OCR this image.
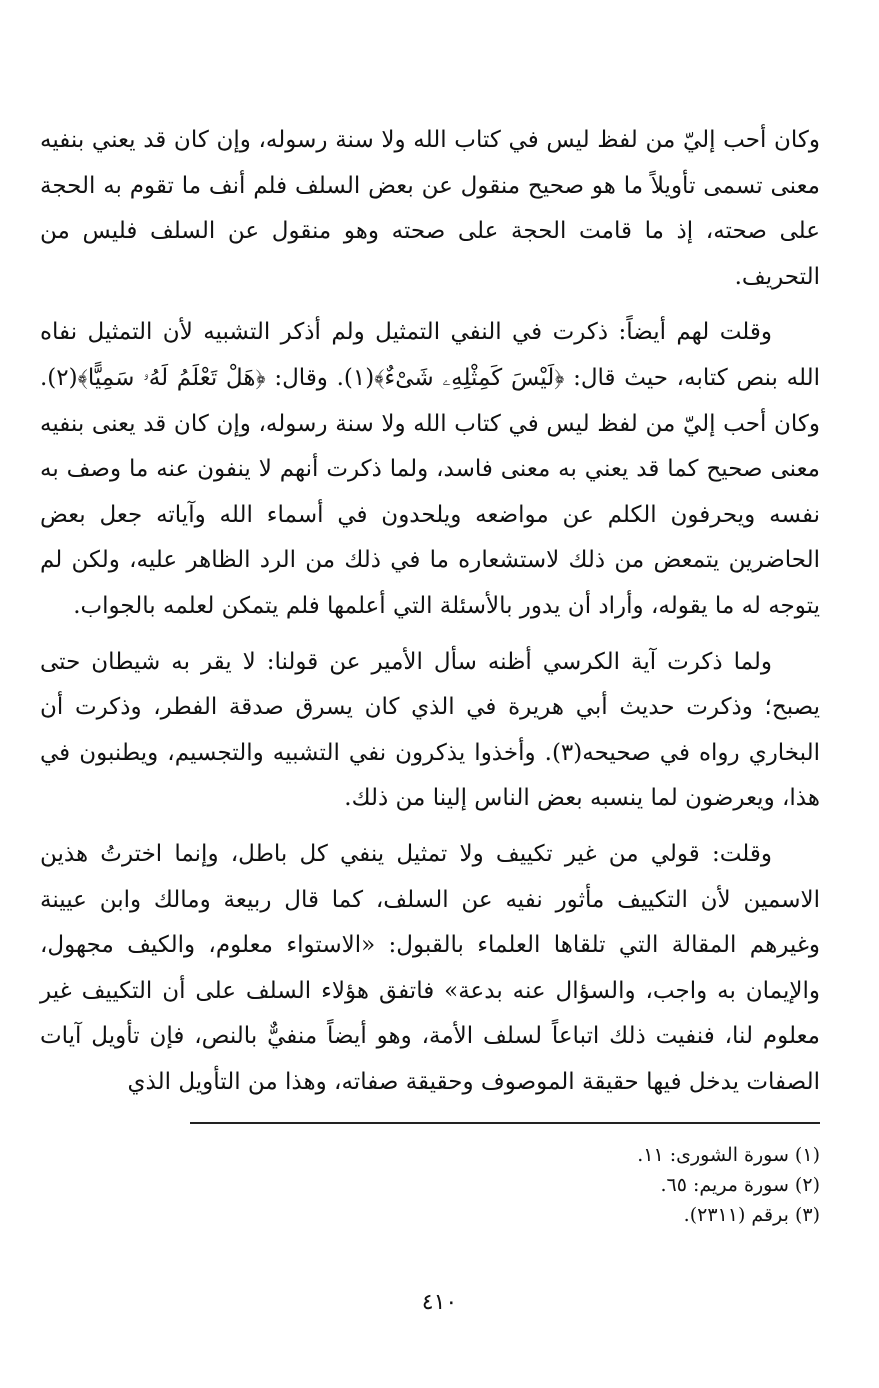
وكان أحب إليّ من لفظ ليس في كتاب الله ولا سنة رسوله، وإن كان قد يعني بنفيه معنى تسمى تأويلاً ما هو صحيح منقول عن بعض السلف فلم أنف ما تقوم به الحجة على صحته، إذ ما قامت الحجة على صحته وهو منقول عن السلف فليس من التحريف.

وقلت لهم أيضاً: ذكرت في النفي التمثيل ولم أذكر التشبيه لأن التمثيل نفاه الله بنص كتابه، حيث قال: ﴿لَيْسَ كَمِثْلِهِۦ شَىْءٌ﴾(١). وقال: ﴿هَلْ تَعْلَمُ لَهُۥ سَمِيًّا﴾(٢). وكان أحب إليّ من لفظ ليس في كتاب الله ولا سنة رسوله، وإن كان قد يعنى بنفيه معنى صحيح كما قد يعني به معنى فاسد، ولما ذكرت أنهم لا ينفون عنه ما وصف به نفسه ويحرفون الكلم عن مواضعه ويلحدون في أسماء الله وآياته جعل بعض الحاضرين يتمعض من ذلك لاستشعاره ما في ذلك من الرد الظاهر عليه، ولكن لم يتوجه له ما يقوله، وأراد أن يدور بالأسئلة التي أعلمها فلم يتمكن لعلمه بالجواب.

ولما ذكرت آية الكرسي أظنه سأل الأمير عن قولنا: لا يقر به شيطان حتى يصبح؛ وذكرت حديث أبي هريرة في الذي كان يسرق صدقة الفطر، وذكرت أن البخاري رواه في صحيحه(٣). وأخذوا يذكرون نفي التشبيه والتجسيم، ويطنبون في هذا، ويعرضون لما ينسبه بعض الناس إلينا من ذلك.

وقلت: قولي من غير تكييف ولا تمثيل ينفي كل باطل، وإنما اخترتُ هذين الاسمين لأن التكييف مأثور نفيه عن السلف، كما قال ربيعة ومالك وابن عيينة وغيرهم المقالة التي تلقاها العلماء بالقبول: «الاستواء معلوم، والكيف مجهول، والإيمان به واجب، والسؤال عنه بدعة» فاتفق هؤلاء السلف على أن التكييف غير معلوم لنا، فنفيت ذلك اتباعاً لسلف الأمة، وهو أيضاً منفيٌّ بالنص، فإن تأويل آيات الصفات يدخل فيها حقيقة الموصوف وحقيقة صفاته، وهذا من التأويل الذي

(١) سورة الشورى: ١١.
(٢) سورة مريم: ٦٥.
(٣) برقم (٢٣١١).
٤١٠
